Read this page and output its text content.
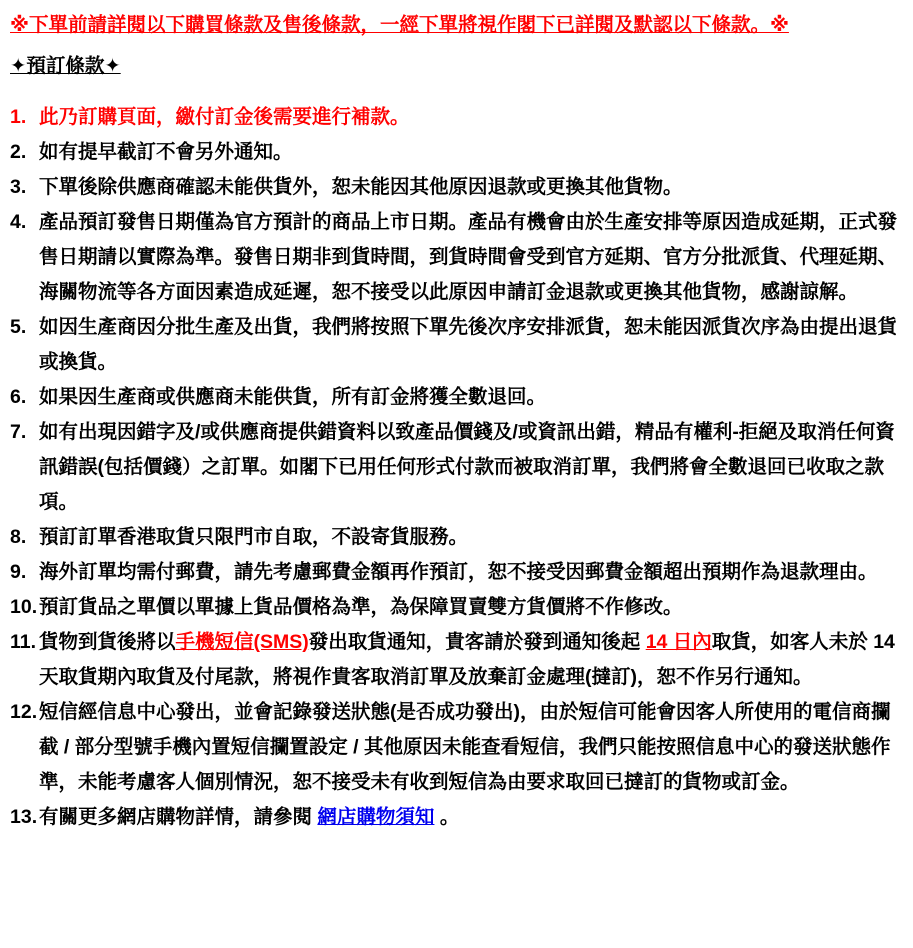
※下單前請詳閱以下購買條款及售後條款，一經下單將視作閣下已詳閱及默認以下條款。※
✦預訂條款✦
1. 此乃訂購頁面，繳付訂金後需要進行補款。
2. 如有提早截訂不會另外通知。
3. 下單後除供應商確認未能供貨外，恕未能因其他原因退款或更換其他貨物。
4. 產品預訂發售日期僅為官方預計的商品上市日期。產品有機會由於生產安排等原因造成延期，正式發售日期請以實際為準。發售日期非到貨時間，到貨時間會受到官方延期、官方分批派貨、代理延期、海關物流等各方面因素造成延遲，恕不接受以此原因申請訂金退款或更換其他貨物，感謝諒解。
5. 如因生產商因分批生產及出貨，我們將按照下單先後次序安排派貨，恕未能因派貨次序為由提出退貨或換貨。
6. 如果因生產商或供應商未能供貨，所有訂金將獲全數退回。
7. 如有出現因錯字及/或供應商提供錯資料以致產品價錢及/或資訊出錯，精品有權利-拒絕及取消任何資訊錯誤(包括價錢）之訂單。如閣下已用任何形式付款而被取消訂單，我們將會全數退回已收取之款項。
8. 預訂訂單香港取貨只限門市自取，不設寄貨服務。
9. 海外訂單均需付郵費，請先考慮郵費金額再作預訂，恕不接受因郵費金額超出預期作為退款理由。
10. 預訂貨品之單價以單據上貨品價格為準，為保障買賣雙方貨價將不作修改。
11. 貨物到貨後將以手機短信(SMS)發出取貨通知，貴客請於發到通知後起 14 日內取貨，如客人未於 14 天取貨期內取貨及付尾款，將視作貴客取消訂單及放棄訂金處理(撻訂)，恕不作另行通知。
12. 短信經信息中心發出，並會記錄發送狀態(是否成功發出)，由於短信可能會因客人所使用的電信商攔截 / 部分型號手機內置短信攔置設定 / 其他原因未能查看短信，我們只能按照信息中心的發送狀態作準，未能考慮客人個別情況，恕不接受未有收到短信為由要求取回已撻訂的貨物或訂金。
13. 有關更多網店購物詳情，請參閱 網店購物須知 。
